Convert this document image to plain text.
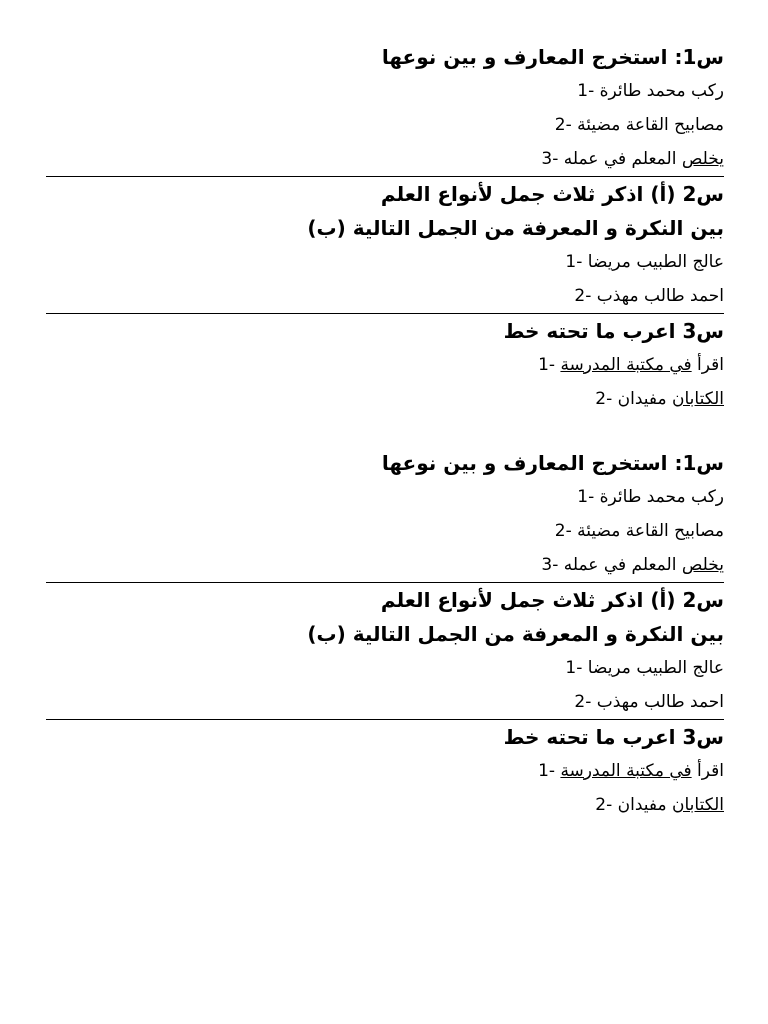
س1: استخرج المعارف و بين نوعها
ركب محمد طائرة -1
مصابيح القاعة مضيئة -2
يخلص المعلم في عمله -3
س2 (أ) اذكر ثلاث جمل لأنواع العلم
بين النكرة و المعرفة من الجمل التالية (ب)
عالج الطبيب مريضا -1
احمد طالب مهذب -2
س3 اعرب ما تحته خط
اقرأ في مكتبة المدرسة -1
الكتابان مفيدان -2
س1: استخرج المعارف و بين نوعها
ركب محمد طائرة -1
مصابيح القاعة مضيئة -2
يخلص المعلم في عمله -3
س2 (أ) اذكر ثلاث جمل لأنواع العلم
بين النكرة و المعرفة من الجمل التالية (ب)
عالج الطبيب مريضا -1
احمد طالب مهذب -2
س3 اعرب ما تحته خط
اقرأ في مكتبة المدرسة -1
الكتابان مفيدان -2
